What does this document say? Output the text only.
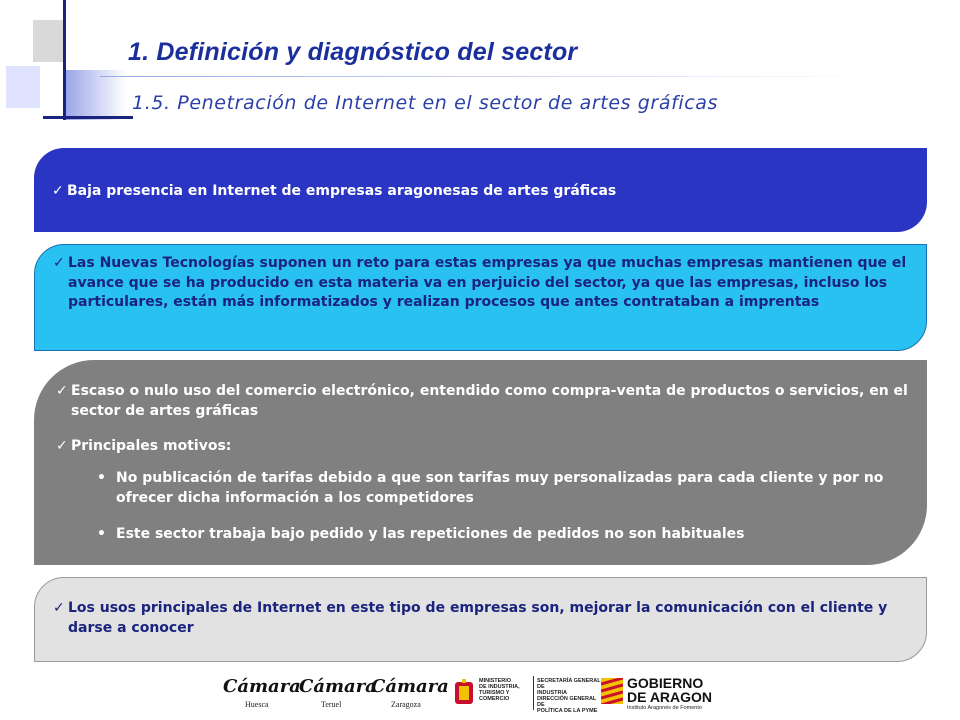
1. Definición y diagnóstico del sector
1.5. Penetración de Internet en el sector de artes gráficas
✓ Baja presencia en Internet de empresas aragonesas de artes gráficas
✓ Las Nuevas Tecnologías suponen un reto para estas empresas ya que muchas empresas mantienen que el avance que se ha producido en esta materia va en perjuicio del sector, ya que las empresas, incluso los particulares, están más informatizados y realizan procesos que antes contrataban a imprentas
✓ Escaso o nulo uso del comercio electrónico, entendido como compra-venta de productos o servicios, en el sector de artes gráficas
✓ Principales motivos:
• No publicación de tarifas debido a que son tarifas muy personalizadas para cada cliente y por no ofrecer dicha información a los competidores
• Este sector trabaja bajo pedido y las repeticiones de pedidos no son habituales
✓ Los usos principales de Internet en este tipo de empresas son, mejorar la comunicación con el cliente y darse a conocer
Cámara
Huesca
Cámara
Teruel
Cámara
Zaragoza
MINISTERIO
DE INDUSTRIA,
TURISMO Y
COMERCIO
SECRETARÍA GENERAL DE
INDUSTRIA
DIRECCIÓN GENERAL DE
POLÍTICA DE LA PYME
GOBIERNO
DE ARAGON
Instituto Aragonés de Fomento
